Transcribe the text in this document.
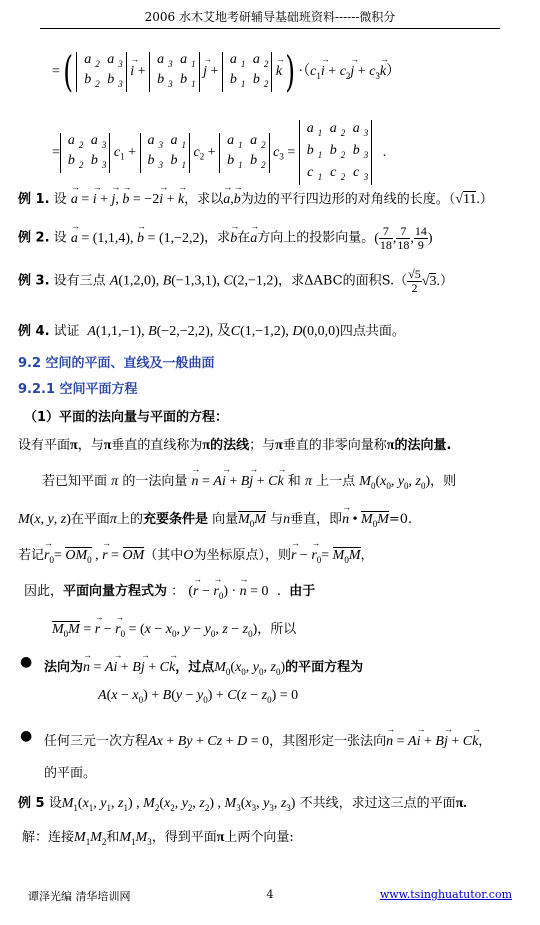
2006 水木艾地考研辅导基础班资料------微积分
=( a $_2$ a $_3$
b $_2$ b $_3$ → i + a $_3$ a $_1$
b $_3$ b $_1$ → j + a $_1$ a $_2$
b $_1$ b $_2 \to k) \cdot(c_1\to i + c_2\to j + c_3\to k)$
=a $_2$ a $_3$
b $_2$ b $_3$ $c_1 + a$ $_3$ a $_1$
b $_3$ b $_1$ $c_2 + a$ $_1$ a $_2$
b $_1$ b $_2$ $c_3 = a$ $_1$ a $_2$ a $_3$
b $_1$ b $_2$ b $_3$
c $_1$ c $_2$ c $_3$   .
例 1. 设 → a = → i + → j, → b = −2→ i + → k，求以→ a,→ b为边的平行四边形的对角线的长度。（√11.）
例 2. 设 → a = (1,1,4), → b = (1,−2,2)，求→ b在→ a方向上的投影向量。( $\frac{7}{18}$ , $\frac{7}{18}$ , $\frac{14}{9}$ )
例 3. 设有三点 A(1,2,0), B(−1,3,1), C(2,−1,2)，求ΔABC的面积$S.( \frac{√5}{2} √3.)$
例 4. 试证 A(1,1,−1), B(−2,−2,2), 及C(1,−1,2), D(0,0,0)四点共面。
9.2 空间的平面、直线及一般曲面
9.2.1 空间平面方程
（1）平面的法向量与平面的方程：
设有平面π，与π垂直的直线称为π的法线；与π垂直的非零向量称π的法向量.
若已知平面 π 的一法向量 → n = A→ i + B→ j + C→ k 和 π 上一点 $M_0(x_0$, $y_0$, $z_0$)，则
M(x, y, z)在平面π上的充要条件是 向量$M_0M$ 与n垂直，即→ n • $M_0M=0$.
若记→ $r_0= OM_0$ , → r = OM（其中O为坐标原点），则→ r − → $r_0= M_0M$，
因此，平面向量方程式为 ： (→ r − → $r_0$) · → n = 0 . 由于
$M_0M$ = → r − → $r_0 = (x - x_0$, $y - y_0$, $z - z_0$)，所以
● 法向为→ n = A→ i + B→ j + C→ k，过点$M_0(x_0$, $y_0$, $z_0$)的平面方程为
$A(x - x_0) + B(y - y_0) + C(z - z_0) = 0$
● 任何三元一次方程Ax + By + Cz + D = 0，其图形定一张法向→ n = A→ i + B→ j + C→ k，
的平面。
例 5 设$M_1(x_1$, $y_1$, $z_1$) , $M_2(x_2$, $y_2$, $z_2$) , $M_3(x_3$, $y_3$, $z_3$) 不共线，求过这三点的平面π.
解：连接$M_1M_2$和$M_1M_3$，得到平面π上两个向量:
谭泽光编 清华培训网	4	www.tsinghuatutor.com
